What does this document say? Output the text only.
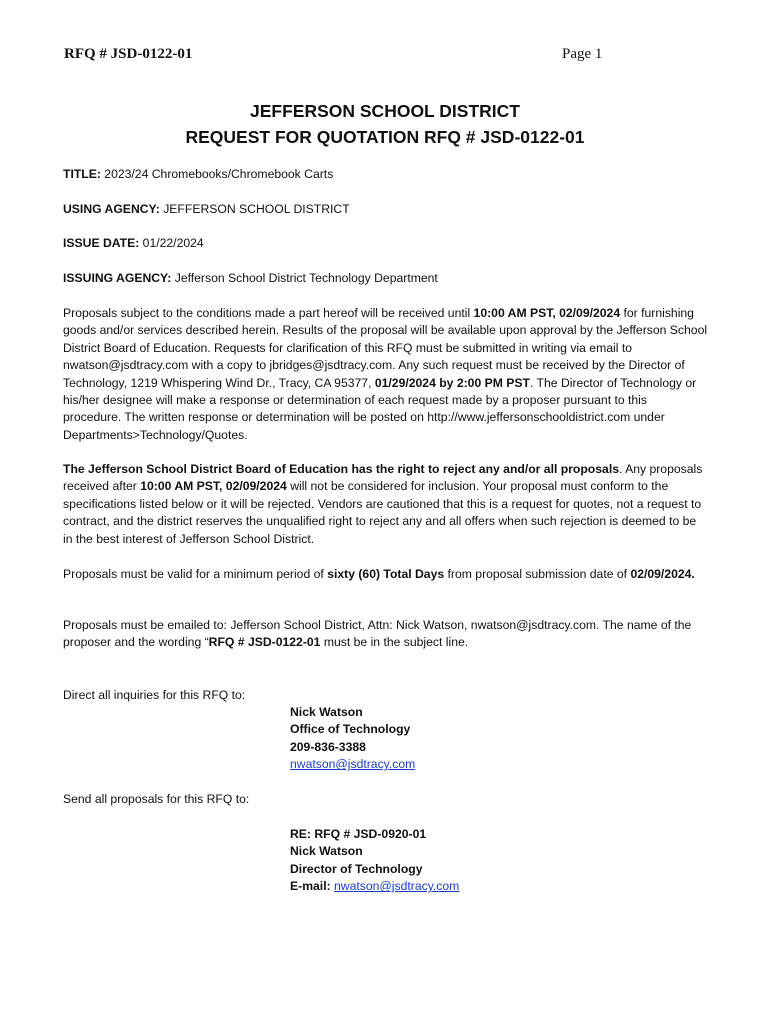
RFQ # JSD-0122-01	Page 1
JEFFERSON SCHOOL DISTRICT
REQUEST FOR QUOTATION RFQ # JSD-0122-01
TITLE: 2023/24 Chromebooks/Chromebook Carts
USING AGENCY: JEFFERSON SCHOOL DISTRICT
ISSUE DATE: 01/22/2024
ISSUING AGENCY: Jefferson School District Technology Department
Proposals subject to the conditions made a part hereof will be received until 10:00 AM PST, 02/09/2024 for furnishing goods and/or services described herein. Results of the proposal will be available upon approval by the Jefferson School District Board of Education. Requests for clarification of this RFQ must be submitted in writing via email to nwatson@jsdtracy.com with a copy to jbridges@jsdtracy.com. Any such request must be received by the Director of Technology, 1219 Whispering Wind Dr., Tracy, CA 95377, 01/29/2024 by 2:00 PM PST. The Director of Technology or his/her designee will make a response or determination of each request made by a proposer pursuant to this procedure. The written response or determination will be posted on http://www.jeffersonschooldistrict.com under Departments>Technology/Quotes.
The Jefferson School District Board of Education has the right to reject any and/or all proposals. Any proposals received after 10:00 AM PST, 02/09/2024 will not be considered for inclusion. Your proposal must conform to the specifications listed below or it will be rejected. Vendors are cautioned that this is a request for quotes, not a request to contract, and the district reserves the unqualified right to reject any and all offers when such rejection is deemed to be in the best interest of Jefferson School District.
Proposals must be valid for a minimum period of sixty (60) Total Days from proposal submission date of 02/09/2024.
Proposals must be emailed to: Jefferson School District, Attn: Nick Watson, nwatson@jsdtracy.com. The name of the proposer and the wording “RFQ # JSD-0122-01 must be in the subject line.
Direct all inquiries for this RFQ to:
Nick Watson
Office of Technology
209-836-3388
nwatson@jsdtracy.com
Send all proposals for this RFQ to:
RE: RFQ # JSD-0920-01
Nick Watson
Director of Technology
E-mail: nwatson@jsdtracy.com
